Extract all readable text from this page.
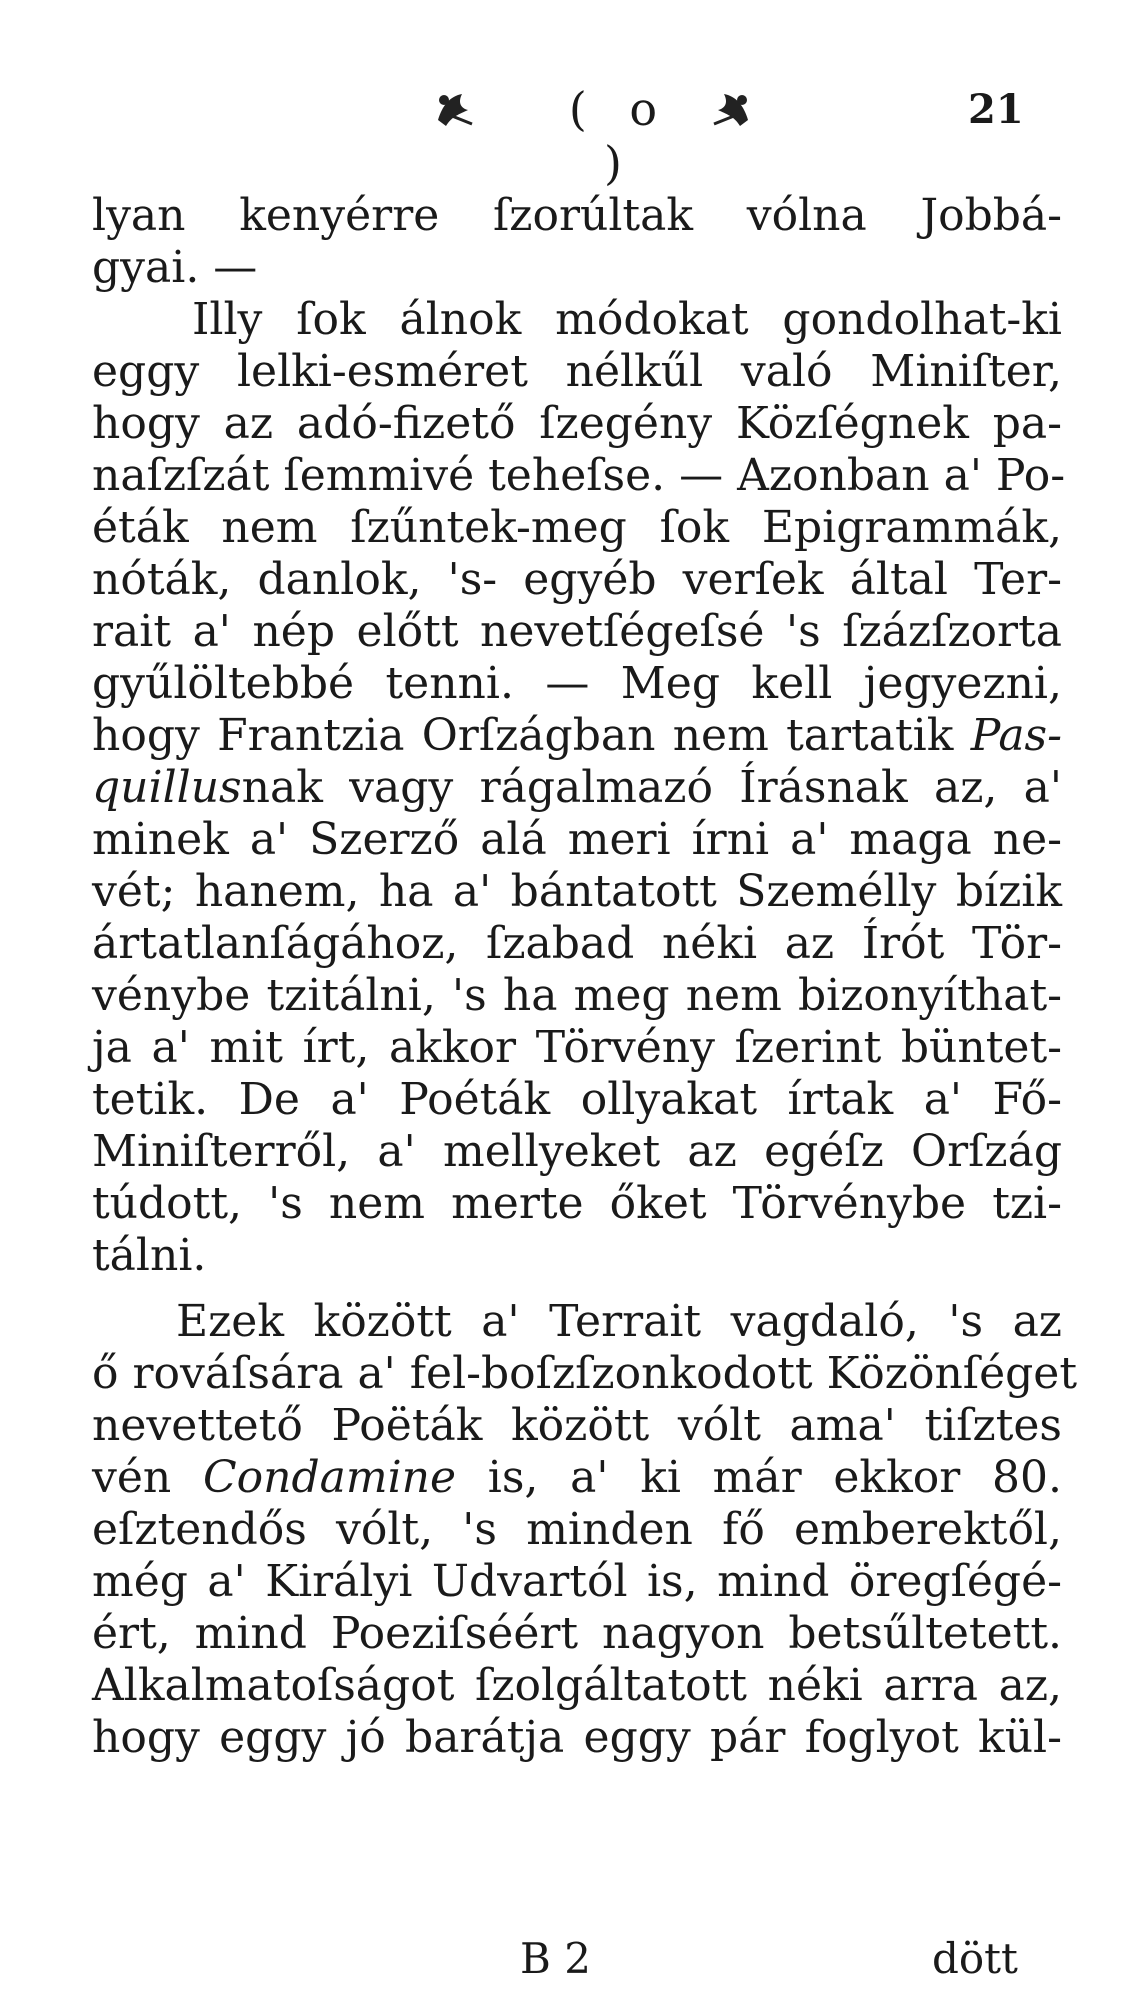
( o )
21
lyan kenyérre ſzorúltak vólna Jobbá-
gyai. —
Illy ſok álnok módokat gondolhat-ki
eggy lelki-esméret nélkűl való Miniſter,
hogy az adó-fizető ſzegény Közſégnek pa-
naſzſzát ſemmivé teheſse. — Azonban a' Po-
éták nem ſzűntek-meg ſok Epigrammák,
nóták, danlok, 's- egyéb verſek által Ter-
rait a' nép előtt nevetſégeſsé 's ſzázſzorta
gyűlöltebbé tenni. — Meg kell jegyezni,
hogy Frantzia Orſzágban nem tartatik Pas-
quillusnak vagy rágalmazó Írásnak az, a'
minek a' Szerző alá meri írni a' maga ne-
vét; hanem, ha a' bántatott Személly bízik
ártatlanſágához, ſzabad néki az Írót Tör-
vénybe tzitálni, 's ha meg nem bizonyíthat-
ja a' mit írt, akkor Törvény ſzerint büntet-
tetik. De a' Poéták ollyakat írtak a' Fő-
Miniſterről, a' mellyeket az egéſz Orſzág
túdott, 's nem merte őket Törvénybe tzi-
tálni.
Ezek között a' Terrait vagdaló, 's az
ő rováſsára a' fel-boſzſzonkodott Közönſéget
nevettető Poëták között vólt ama' tiſztes
vén Condamine is, a' ki már ekkor 80.
eſztendős vólt, 's minden fő emberektől,
még a' Királyi Udvartól is, mind öregſégé-
ért, mind Poeziſséért nagyon betsűltetett.
Alkalmatoſságot ſzolgáltatott néki arra az,
hogy eggy jó barátja eggy pár foglyot kül-
B 2	dött
